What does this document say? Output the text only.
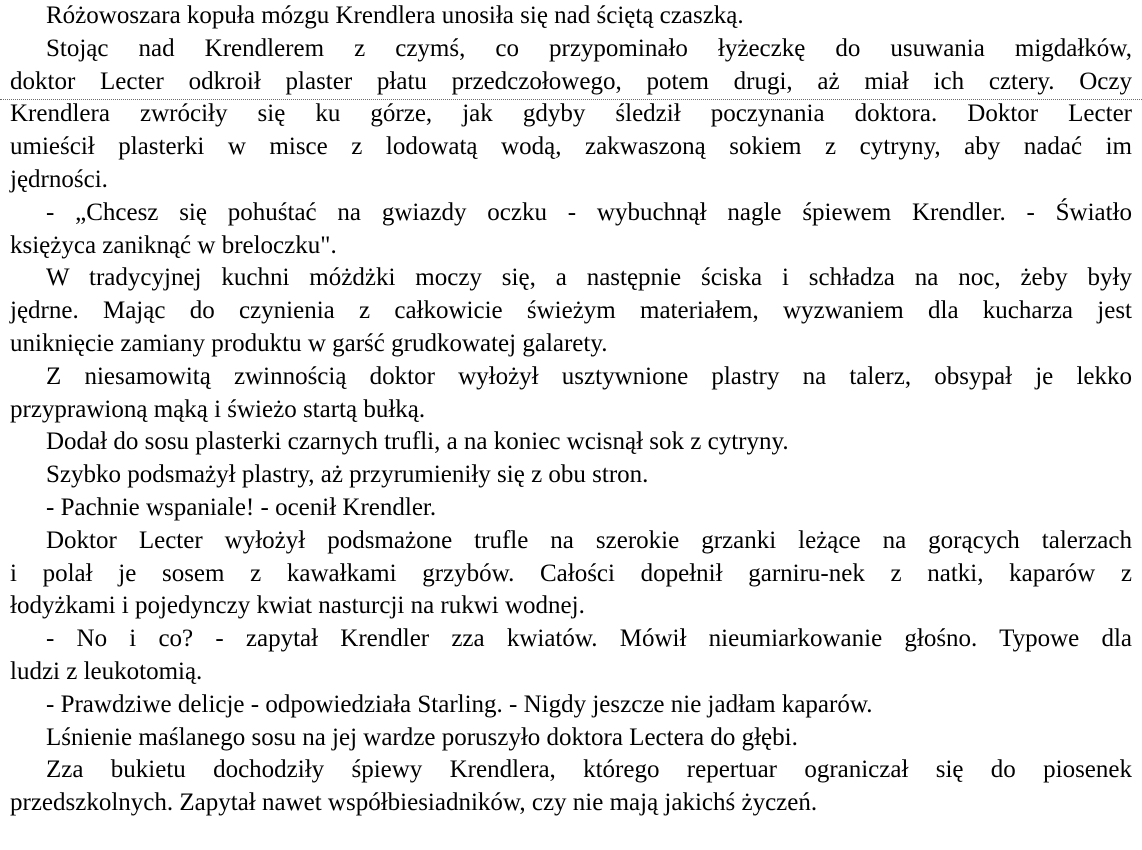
Różowoszara kopuła mózgu Krendlera unosiła się nad ściętą czaszką.
Stojąc nad Krendlerem z czymś, co przypominało łyżeczkę do usuwania migdałków,
doktor Lecter odkroił plaster płatu przedczołowego, potem drugi, aż miał ich cztery. Oczy
Krendlera zwróciły się ku górze, jak gdyby śledził poczynania doktora. Doktor Lecter
umieścił plasterki w misce z lodowatą wodą, zakwaszoną sokiem z cytryny, aby nadać im
jędrności.
- „Chcesz się pohuśtać na gwiazdy oczku - wybuchnął nagle śpiewem Krendler. - Światło
księżyca zaniknąć w breloczku".
W tradycyjnej kuchni móżdżki moczy się, a następnie ściska i schładza na noc, żeby były
jędrne. Mając do czynienia z całkowicie świeżym materiałem, wyzwaniem dla kucharza jest
uniknięcie zamiany produktu w garść grudkowatej galarety.
Z niesamowitą zwinnością doktor wyłożył usztywnione plastry na talerz, obsypał je lekko
przyprawioną mąką i świeżo startą bułką.
Dodał do sosu plasterki czarnych trufli, a na koniec wcisnął sok z cytryny.
Szybko podsmażył plastry, aż przyrumieniły się z obu stron.
- Pachnie wspaniale! - ocenił Krendler.
Doktor Lecter wyłożył podsmażone trufle na szerokie grzanki leżące na gorących talerzach
i polał je sosem z kawałkami grzybów. Całości dopełnił garniru-nek z natki, kaparów z
łodyżkami i pojedynczy kwiat nasturcji na rukwi wodnej.
- No i co? - zapytał Krendler zza kwiatów. Mówił nieumiarkowanie głośno. Typowe dla
ludzi z leukotomią.
- Prawdziwe delicje - odpowiedziała Starling. - Nigdy jeszcze nie jadłam kaparów.
Lśnienie maślanego sosu na jej wardze poruszyło doktora Lectera do głębi.
Zza bukietu dochodziły śpiewy Krendlera, którego repertuar ograniczał się do piosenek
przedszkolnych. Zapytał nawet współbiesiadników, czy nie mają jakichś życzeń.
